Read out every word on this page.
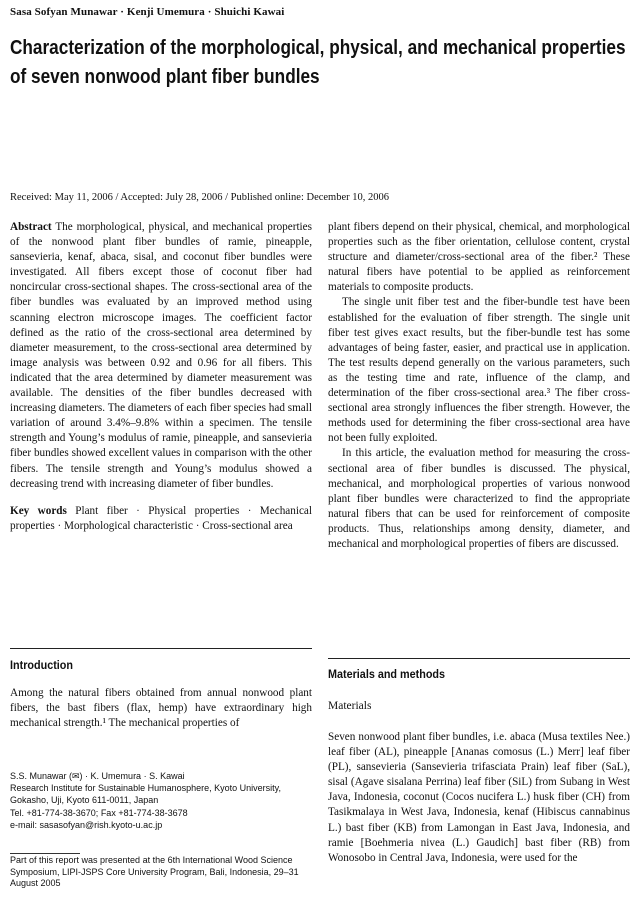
Sasa Sofyan Munawar · Kenji Umemura · Shuichi Kawai
Characterization of the morphological, physical, and mechanical properties of seven nonwood plant fiber bundles
Received: May 11, 2006 / Accepted: July 28, 2006 / Published online: December 10, 2006

Abstract The morphological, physical, and mechanical properties of the nonwood plant fiber bundles of ramie, pineapple, sansevieria, kenaf, abaca, sisal, and coconut fiber bundles were investigated. All fibers except those of coconut fiber had noncircular cross-sectional shapes. The cross-sectional area of the fiber bundles was evaluated by an improved method using scanning electron microscope images. The coefficient factor defined as the ratio of the cross-sectional area determined by diameter measurement, to the cross-sectional area determined by image analysis was between 0.92 and 0.96 for all fibers. This indicated that the area determined by diameter measurement was available. The densities of the fiber bundles decreased with increasing diameters. The diameters of each fiber species had small variation of around 3.4%–9.8% within a specimen. The tensile strength and Young’s modulus of ramie, pineapple, and sansevieria fiber bundles showed excellent values in comparison with the other fibers. The tensile strength and Young’s modulus showed a decreasing trend with increasing diameter of fiber bundles.

Key words Plant fiber · Physical properties · Mechanical properties · Morphological characteristic · Cross-sectional area

plant fibers depend on their physical, chemical, and morphological properties such as the fiber orientation, cellulose content, crystal structure and diameter/cross-sectional area of the fiber.² These natural fibers have potential to be applied as reinforcement materials to composite products.

The single unit fiber test and the fiber-bundle test have been established for the evaluation of fiber strength. The single unit fiber test gives exact results, but the fiber-bundle test has some advantages of being faster, easier, and practical use in application. The test results depend generally on the various parameters, such as the testing time and rate, influence of the clamp, and determination of the fiber cross-sectional area.³ The fiber cross-sectional area strongly influences the fiber strength. However, the methods used for determining the fiber cross-sectional area have not been fully exploited.

In this article, the evaluation method for measuring the cross-sectional area of fiber bundles is discussed. The physical, mechanical, and morphological properties of various nonwood plant fiber bundles were characterized to find the appropriate natural fibers that can be used for reinforcement of composite products. Thus, relationships among density, diameter, and mechanical and morphological properties of fibers are discussed.

Introduction
Among the natural fibers obtained from annual nonwood plant fibers, the bast fibers (flax, hemp) have extraordinary high mechanical strength.¹ The mechanical properties of
Materials and methods
Materials
Seven nonwood plant fiber bundles, i.e. abaca (Musa textiles Nee.) leaf fiber (AL), pineapple [Ananas comosus (L.) Merr] leaf fiber (PL), sansevieria (Sansevieria trifasciata Prain) leaf fiber (SaL), sisal (Agave sisalana Perrina) leaf fiber (SiL) from Subang in West Java, Indonesia, coconut (Cocos nucifera L.) husk fiber (CH) from Tasikmalaya in West Java, Indonesia, kenaf (Hibiscus cannabinus L.) bast fiber (KB) from Lamongan in East Java, Indonesia, and ramie [Boehmeria nivea (L.) Gaudich] bast fiber (RB) from Wonosobo in Central Java, Indonesia, were used for the
S.S. Munawar (✉) · K. Umemura · S. Kawai
Research Institute for Sustainable Humanosphere, Kyoto University, Gokasho, Uji, Kyoto 611-0011, Japan
Tel. +81-774-38-3670; Fax +81-774-38-3678
e-mail: sasasofyan@rish.kyoto-u.ac.jp
Part of this report was presented at the 6th International Wood Science Symposium, LIPI-JSPS Core University Program, Bali, Indonesia, 29–31 August 2005
